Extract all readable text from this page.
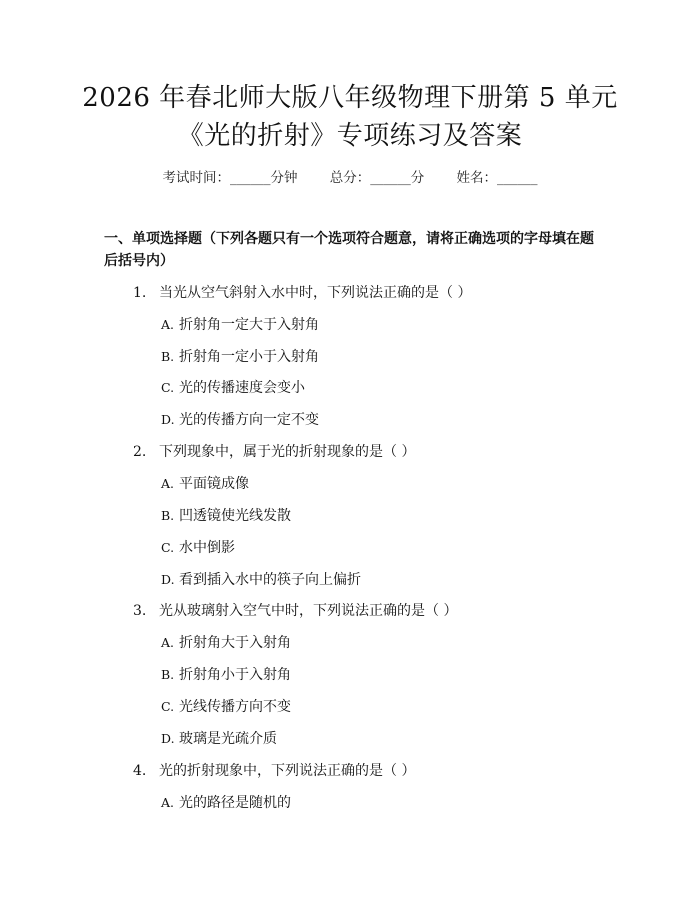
2026 年春北师大版八年级物理下册第 5 单元
《光的折射》专项练习及答案
考试时间：______分钟 总分：______分 姓名：______
一、单项选择题（下列各题只有一个选项符合题意，请将正确选项的字母填在题后括号内）
1. 当光从空气斜射入水中时，下列说法正确的是（ ）
A. 折射角一定大于入射角
B. 折射角一定小于入射角
C. 光的传播速度会变小
D. 光的传播方向一定不变
2. 下列现象中，属于光的折射现象的是（ ）
A. 平面镜成像
B. 凹透镜使光线发散
C. 水中倒影
D. 看到插入水中的筷子向上偏折
3. 光从玻璃射入空气中时，下列说法正确的是（ ）
A. 折射角大于入射角
B. 折射角小于入射角
C. 光线传播方向不变
D. 玻璃是光疏介质
4. 光的折射现象中，下列说法正确的是（ ）
A. 光的路径是随机的
